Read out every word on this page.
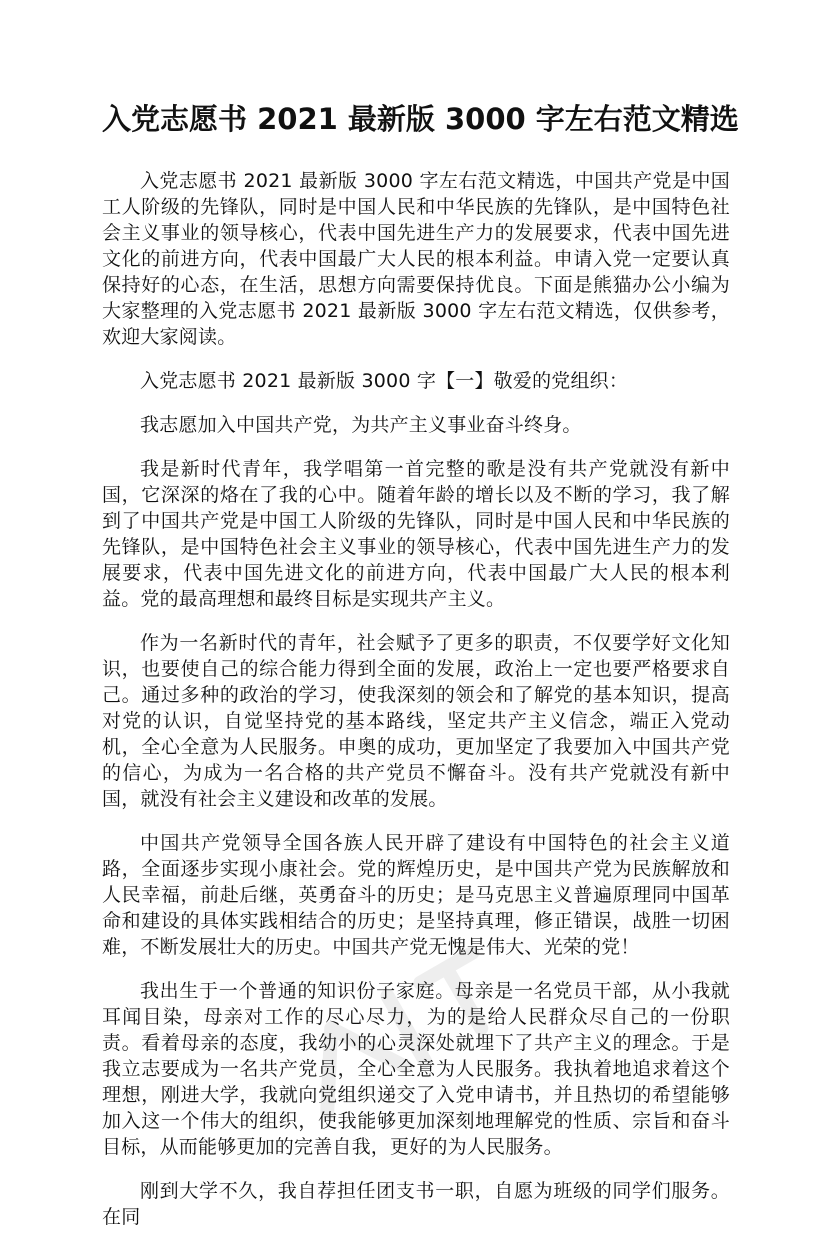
入党志愿书 2021 最新版 3000 字左右范文精选

入党志愿书 2021 最新版 3000 字左右范文精选，中国共产党是中国工人阶级的先锋队，同时是中国人民和中华民族的先锋队，是中国特色社会主义事业的领导核心，代表中国先进生产力的发展要求，代表中国先进文化的前进方向，代表中国最广大人民的根本利益。申请入党一定要认真保持好的心态，在生活，思想方向需要保持优良。下面是熊猫办公小编为大家整理的入党志愿书 2021 最新版 3000 字左右范文精选，仅供参考，欢迎大家阅读。

入党志愿书 2021 最新版 3000 字【一】敬爱的党组织：

我志愿加入中国共产党，为共产主义事业奋斗终身。

我是新时代青年，我学唱第一首完整的歌是没有共产党就没有新中国，它深深的烙在了我的心中。随着年龄的增长以及不断的学习，我了解到了中国共产党是中国工人阶级的先锋队，同时是中国人民和中华民族的先锋队，是中国特色社会主义事业的领导核心，代表中国先进生产力的发展要求，代表中国先进文化的前进方向，代表中国最广大人民的根本利益。党的最高理想和最终目标是实现共产主义。

作为一名新时代的青年，社会赋予了更多的职责，不仅要学好文化知识，也要使自己的综合能力得到全面的发展，政治上一定也要严格要求自己。通过多种的政治的学习，使我深刻的领会和了解党的基本知识，提高对党的认识，自觉坚持党的基本路线，坚定共产主义信念，端正入党动机，全心全意为人民服务。申奥的成功，更加坚定了我要加入中国共产党的信心，为成为一名合格的共产党员不懈奋斗。没有共产党就没有新中国，就没有社会主义建设和改革的发展。

中国共产党领导全国各族人民开辟了建设有中国特色的社会主义道路，全面逐步实现小康社会。党的辉煌历史，是中国共产党为民族解放和人民幸福，前赴后继，英勇奋斗的历史；是马克思主义普遍原理同中国革命和建设的具体实践相结合的历史；是坚持真理，修正错误，战胜一切困难，不断发展壮大的历史。中国共产党无愧是伟大、光荣的党！

我出生于一个普通的知识份子家庭。母亲是一名党员干部，从小我就耳闻目染，母亲对工作的尽心尽力，为的是给人民群众尽自己的一份职责。看着母亲的态度，我幼小的心灵深处就埋下了共产主义的理念。于是我立志要成为一名共产党员，全心全意为人民服务。我执着地追求着这个理想，刚进大学，我就向党组织递交了入党申请书，并且热切的希望能够加入这一个伟大的组织，使我能够更加深刻地理解党的性质、宗旨和奋斗目标，从而能够更加的完善自我，更好的为人民服务。

刚到大学不久，我自荐担任团支书一职，自愿为班级的同学们服务。在同
